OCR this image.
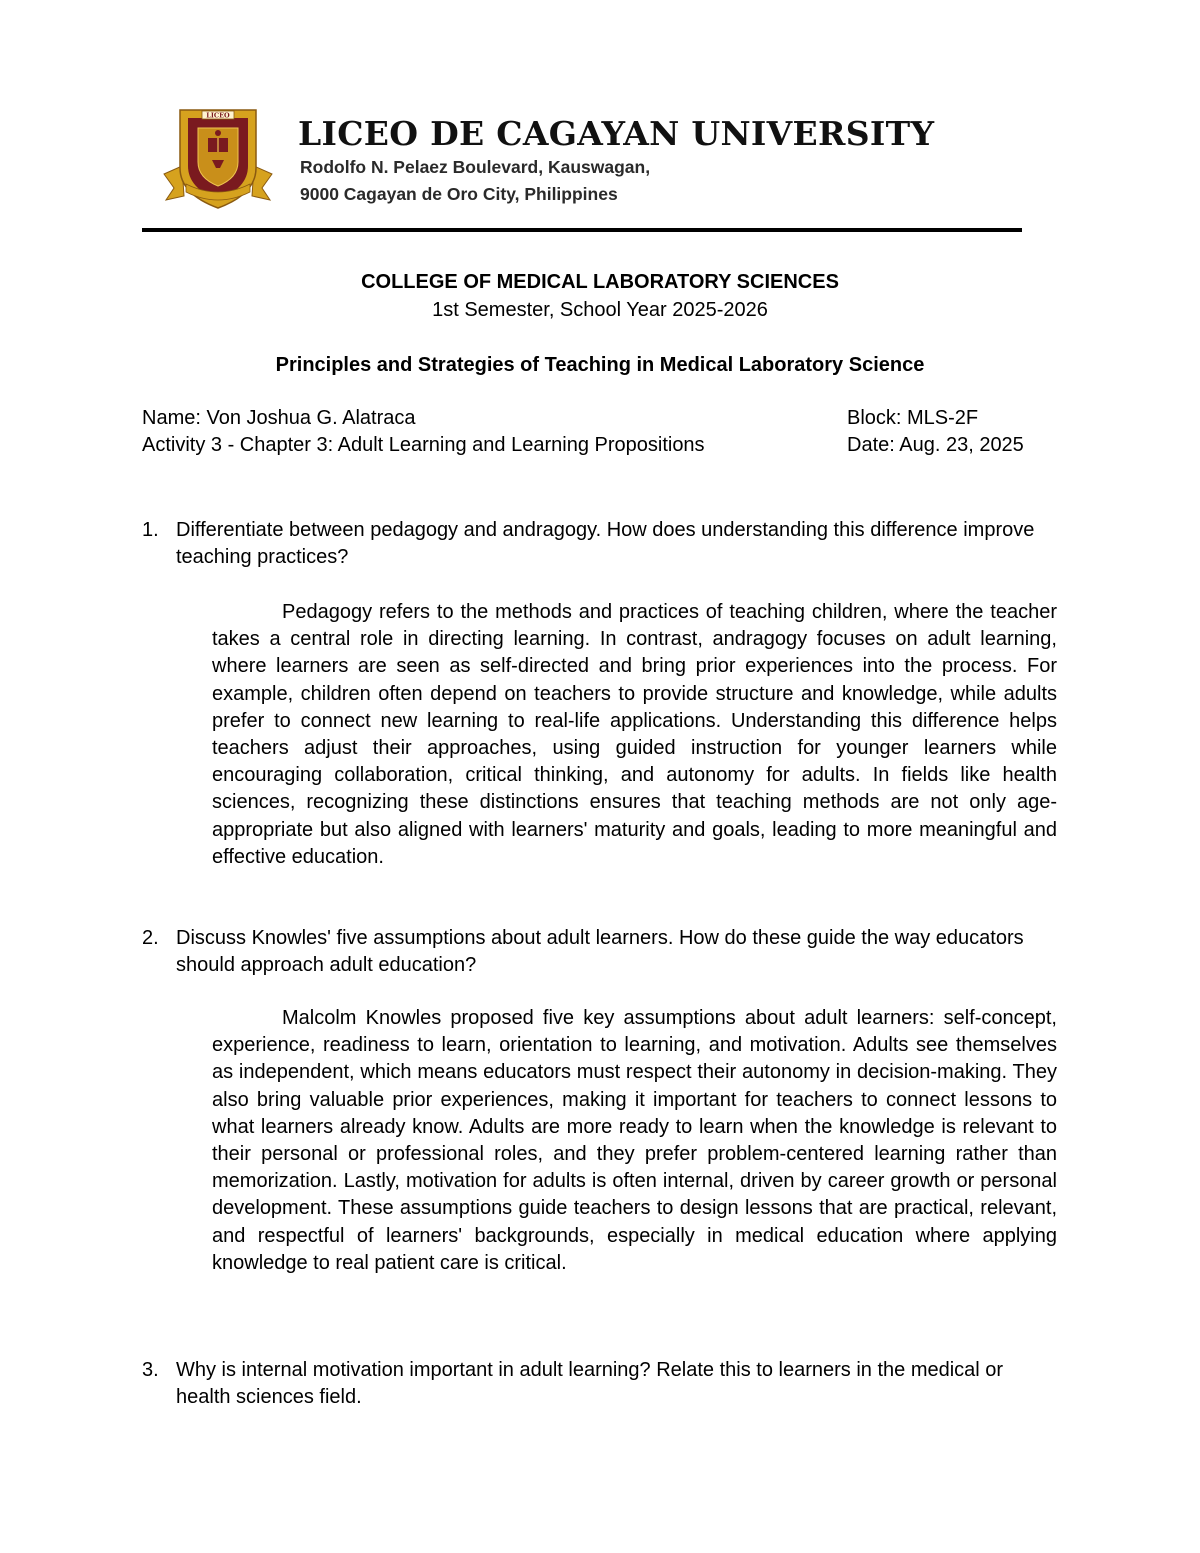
LICEO LICEO DE CAGAYAN UNIVERSITY
Rodolfo N. Pelaez Boulevard, Kauswagan,
9000 Cagayan de Oro City, Philippines
COLLEGE OF MEDICAL LABORATORY SCIENCES
1st Semester, School Year 2025-2026
Principles and Strategies of Teaching in Medical Laboratory Science
Name: Von Joshua G. Alatraca
Activity 3 - Chapter 3: Adult Learning and Learning Propositions
Block: MLS-2F
Date: Aug. 23, 2025
1. Differentiate between pedagogy and andragogy. How does understanding this difference improve teaching practices?

Pedagogy refers to the methods and practices of teaching children, where the teacher takes a central role in directing learning. In contrast, andragogy focuses on adult learning, where learners are seen as self-directed and bring prior experiences into the process. For example, children often depend on teachers to provide structure and knowledge, while adults prefer to connect new learning to real-life applications. Understanding this difference helps teachers adjust their approaches, using guided instruction for younger learners while encouraging collaboration, critical thinking, and autonomy for adults. In fields like health sciences, recognizing these distinctions ensures that teaching methods are not only age-appropriate but also aligned with learners' maturity and goals, leading to more meaningful and effective education.

2. Discuss Knowles' five assumptions about adult learners. How do these guide the way educators should approach adult education?

Malcolm Knowles proposed five key assumptions about adult learners: self-concept, experience, readiness to learn, orientation to learning, and motivation. Adults see themselves as independent, which means educators must respect their autonomy in decision-making. They also bring valuable prior experiences, making it important for teachers to connect lessons to what learners already know. Adults are more ready to learn when the knowledge is relevant to their personal or professional roles, and they prefer problem-centered learning rather than memorization. Lastly, motivation for adults is often internal, driven by career growth or personal development. These assumptions guide teachers to design lessons that are practical, relevant, and respectful of learners' backgrounds, especially in medical education where applying knowledge to real patient care is critical.

3. Why is internal motivation important in adult learning? Relate this to learners in the medical or health sciences field.
